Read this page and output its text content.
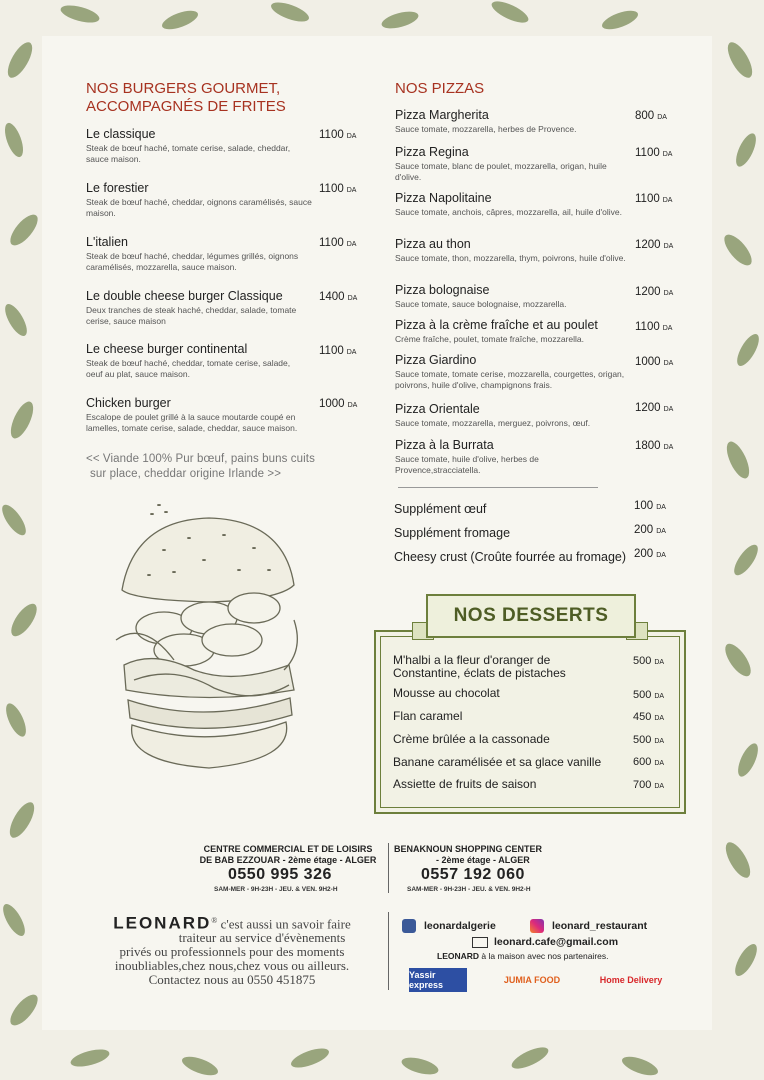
NOS BURGERS GOURMET,
ACCOMPAGNÉS DE FRITES
Le classique
Steak de bœuf haché, tomate cerise, salade, cheddar, sauce maison.
1100 DA
Le forestier
Steak de bœuf haché, cheddar, oignons caramélisés, sauce maison.
1100 DA
L'italien
Steak de bœuf haché, cheddar, légumes grillés, oignons caramélisés, mozzarella, sauce maison.
1100 DA
Le double cheese burger Classique
Deux tranches de steak haché, cheddar, salade, tomate cerise, sauce maison
1400 DA
Le cheese burger continental
Steak de bœuf haché, cheddar, tomate cerise, salade, oeuf au plat, sauce maison.
1100 DA
Chicken burger
Escalope de poulet grillé à la sauce moutarde coupé en lamelles, tomate cerise, salade, cheddar, sauce maison.
1000 DA
<< Viande 100% Pur bœuf, pains buns cuits
sur place, cheddar origine Irlande >>
NOS PIZZAS
Pizza Margherita
Sauce tomate, mozzarella, herbes de Provence.
800 DA
Pizza Regina
Sauce tomate, blanc de poulet, mozzarella, origan, huile d'olive.
1100 DA
Pizza Napolitaine
Sauce tomate, anchois, câpres, mozzarella, ail, huile d'olive.
1100 DA
Pizza au thon
Sauce tomate, thon, mozzarella, thym, poivrons, huile d'olive.
1200 DA
Pizza bolognaise
Sauce tomate, sauce bolognaise, mozzarella.
1200 DA
Pizza à la crème fraîche et au poulet
Crème fraîche, poulet, tomate fraîche, mozzarella.
1100 DA
Pizza Giardino
Sauce tomate, tomate cerise, mozzarella, courgettes, origan, poivrons, huile d'olive, champignons frais.
1000 DA
Pizza Orientale
Sauce tomate, mozzarella, merguez, poivrons, œuf.
1200 DA
Pizza à la Burrata
Sauce tomate, huile d'olive, herbes de Provence,stracciatella.
1800 DA
Supplément œuf	100 DA
Supplément fromage	200 DA
Cheesy crust (Croûte fourrée au fromage) 200 DA
NOS DESSERTS
M'halbi a la fleur d'oranger de Constantine, éclats de pistaches
500 DA
Mousse au chocolat	500 DA
Flan caramel	450 DA
Crème brûlée a la cassonade	500 DA
Banane caramélisée et sa glace vanille	600 DA
Assiette de fruits de saison	700 DA
CENTRE COMMERCIAL ET DE LOISIRS
DE BAB EZZOUAR - 2ème étage - ALGER
0550 995 326
SAM-MER - 9H-23H - JEU. & VEN. 9H2-H
BENAKNOUN SHOPPING CENTER
- 2ème étage - ALGER
0557 192 060
SAM-MER - 9H-23H - JEU. & VEN. 9H2-H
LEONARD® c'est aussi un savoir faire
traiteur au service d'évènements
privés ou professionnels pour des moments
inoubliables,chez nous,chez vous ou ailleurs.
Contactez nous au 0550 451875
leonardalgerie	leonard_restaurant
leonard.cafe@gmail.com
LEONARD à la maison avec nos partenaires.
Yassir express	JUMIA FOOD	Home Delivery
